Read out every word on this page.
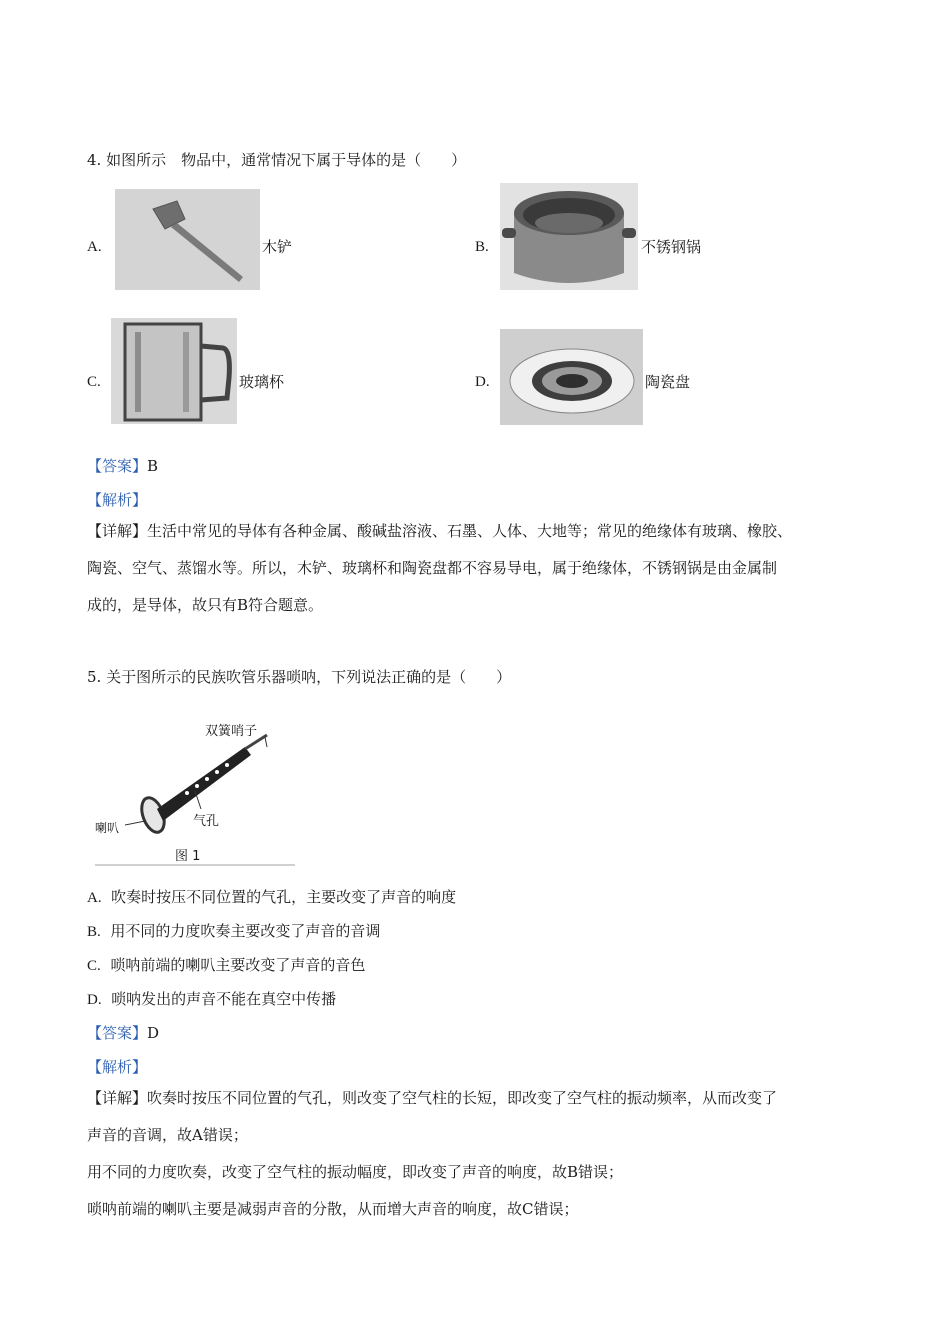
4. 如图所示　物品中，通常情况下属于导体的是（　　）
A.	木铲	B.	不锈钢锅
C.	玻璃杯	D.	陶瓷盘
【答案】B
【解析】
【详解】生活中常见的导体有各种金属、酸碱盐溶液、石墨、人体、大地等；常见的绝缘体有玻璃、橡胶、
陶瓷、空气、蒸馏水等。所以，木铲、玻璃杯和陶瓷盘都不容易导电，属于绝缘体，不锈钢锅是由金属制
成的，是导体，故只有B符合题意。
5. 关于图所示的民族吹管乐器唢呐，下列说法正确的是（　　）
双簧哨子
气孔
喇叭
图 1
A. 吹奏时按压不同位置的气孔，主要改变了声音的响度
B. 用不同的力度吹奏主要改变了声音的音调
C. 唢呐前端的喇叭主要改变了声音的音色
D. 唢呐发出的声音不能在真空中传播
【答案】D
【解析】
【详解】吹奏时按压不同位置的气孔，则改变了空气柱的长短，即改变了空气柱的振动频率，从而改变了
声音的音调，故A错误；
用不同的力度吹奏，改变了空气柱的振动幅度，即改变了声音的响度，故B错误；
唢呐前端的喇叭主要是减弱声音的分散，从而增大声音的响度，故C错误；
